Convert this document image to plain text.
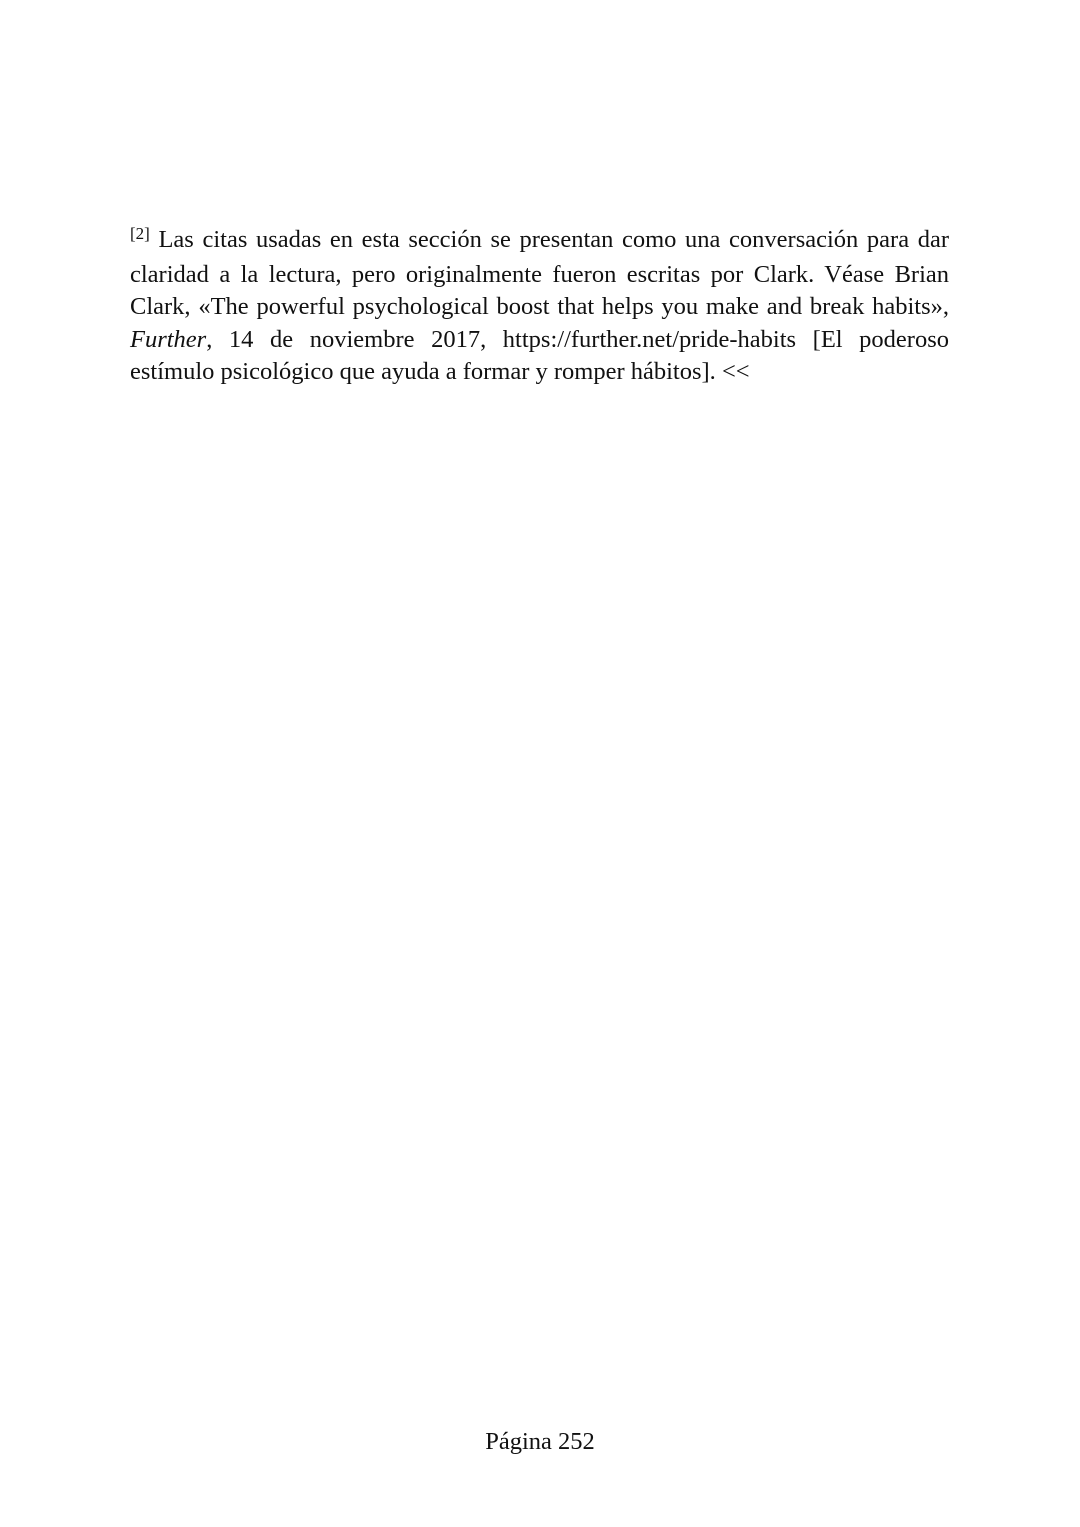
[2] Las citas usadas en esta sección se presentan como una conversación para dar claridad a la lectura, pero originalmente fueron escritas por Clark. Véase Brian Clark, «The powerful psychological boost that helps you make and break habits», Further, 14 de noviembre 2017, https://further.net/pride-habits [El poderoso estímulo psicológico que ayuda a formar y romper hábitos]. <<

Página 252
